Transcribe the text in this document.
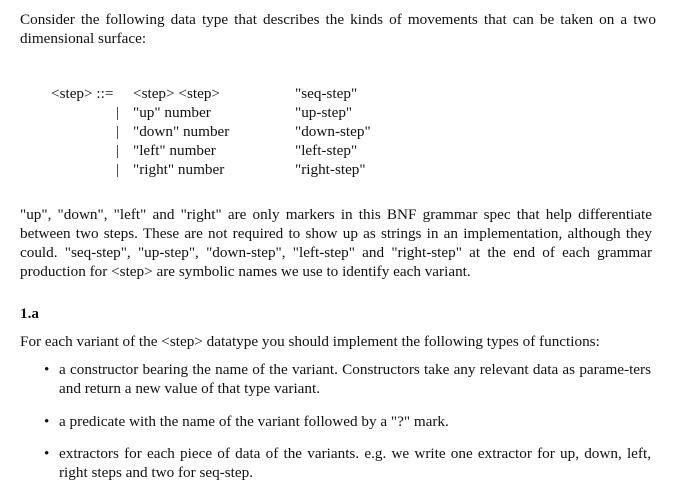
Consider the following data type that describes the kinds of movements that can be taken on a two dimensional surface:

<step> ::= <step> <step>	"seq-step"
| "up" number	"up-step"
| "down" number	"down-step"
| "left" number	"left-step"
| "right" number	"right-step"

"up", "down", "left" and "right" are only markers in this BNF grammar spec that help differentiate between two steps. These are not required to show up as strings in an implementation, although they could. "seq-step", "up-step", "down-step", "left-step" and "right-step" at the end of each grammar production for <step> are symbolic names we use to identify each variant.

1.a

For each variant of the <step> datatype you should implement the following types of functions:

• a constructor bearing the name of the variant. Constructors take any relevant data as parame-ters and return a new value of that type variant.

• a predicate with the name of the variant followed by a "?" mark.

• extractors for each piece of data of the variants. e.g. we write one extractor for up, down, left, right steps and two for seq-step.
